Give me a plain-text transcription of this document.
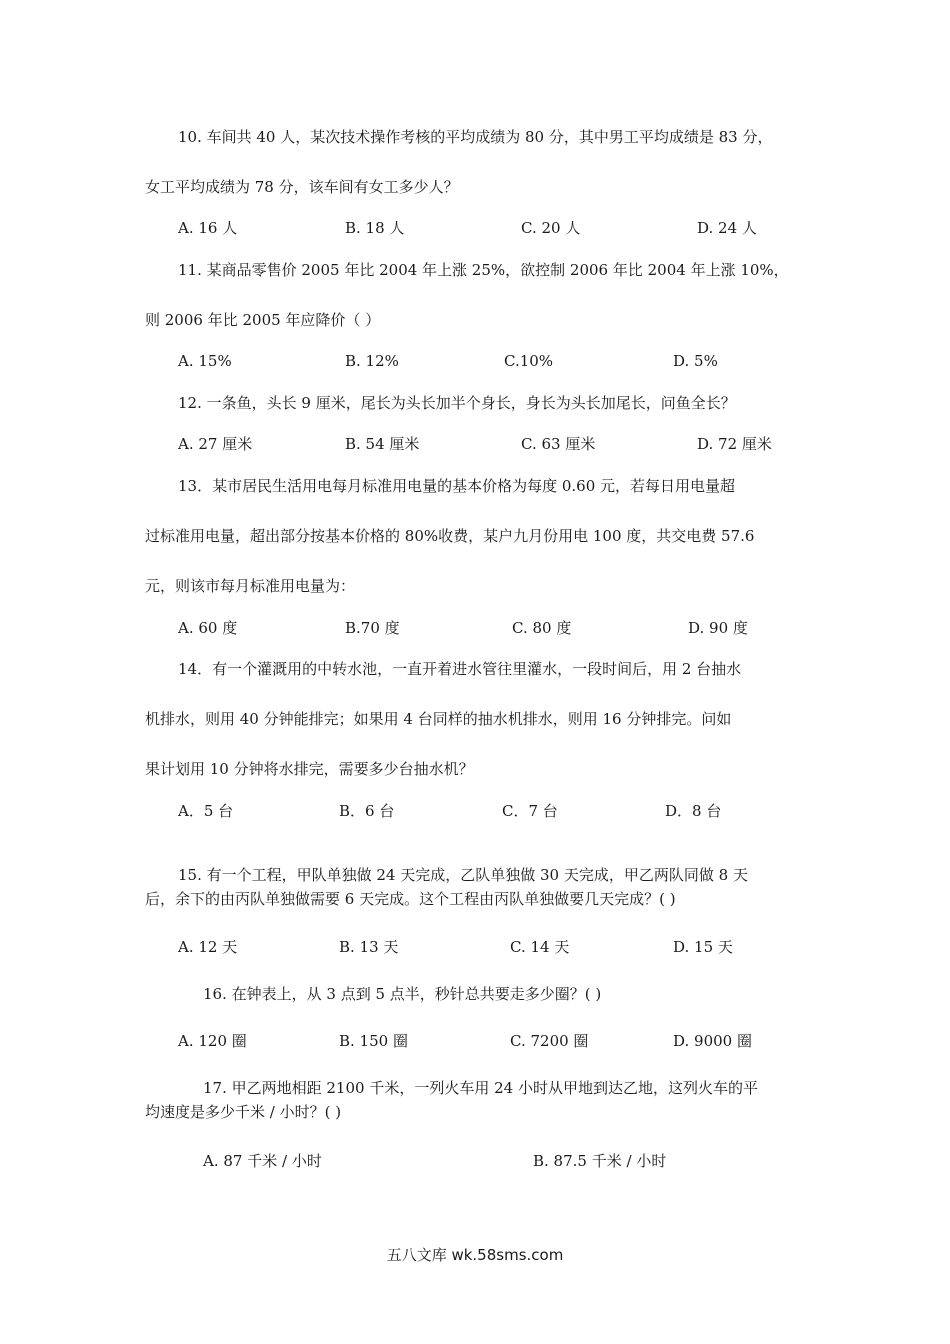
10. 车间共 40 人，某次技术操作考核的平均成绩为 80 分，其中男工平均成绩是 83 分，
女工平均成绩为 78 分，该车间有女工多少人？
A. 16 人	B. 18 人	C. 20 人	D. 24 人
11. 某商品零售价 2005 年比 2004 年上涨 25%，欲控制 2006 年比 2004 年上涨 10%，
则 2006 年比 2005 年应降价（ ）
A. 15%	B. 12%	C.10%	D. 5%
12. 一条鱼，头长 9 厘米，尾长为头长加半个身长，身长为头长加尾长，问鱼全长？
A. 27 厘米	B. 54 厘米	C. 63 厘米	D. 72 厘米
13．某市居民生活用电每月标准用电量的基本价格为每度 0.60 元，若每日用电量超
过标准用电量，超出部分按基本价格的 80%收费，某户九月份用电 100 度，共交电费 57.6
元，则该市每月标准用电量为：
A. 60 度	B.70 度	C. 80 度	D. 90 度
14．有一个灌溉用的中转水池，一直开着进水管往里灌水，一段时间后，用 2 台抽水
机排水，则用 40 分钟能排完；如果用 4 台同样的抽水机排水，则用 16 分钟排完。问如
果计划用 10 分钟将水排完，需要多少台抽水机？
A．5 台	B．6 台	C．7 台	D．8 台
15. 有一个工程，甲队单独做 24 天完成，乙队单独做 30 天完成，甲乙两队同做 8 天
后，余下的由丙队单独做需要 6 天完成。这个工程由丙队单独做要几天完成？( )
A. 12 天	B. 13 天	C. 14 天	D. 15 天
16. 在钟表上，从 3 点到 5 点半，秒针总共要走多少圈？( )
A. 120 圈	B. 150 圈	C. 7200 圈	D. 9000 圈
17. 甲乙两地相距 2100 千米，一列火车用 24 小时从甲地到达乙地，这列火车的平
均速度是多少千米 / 小时？( )
A. 87 千米 / 小时	B. 87.5 千米 / 小时
五八文库 wk.58sms.com
